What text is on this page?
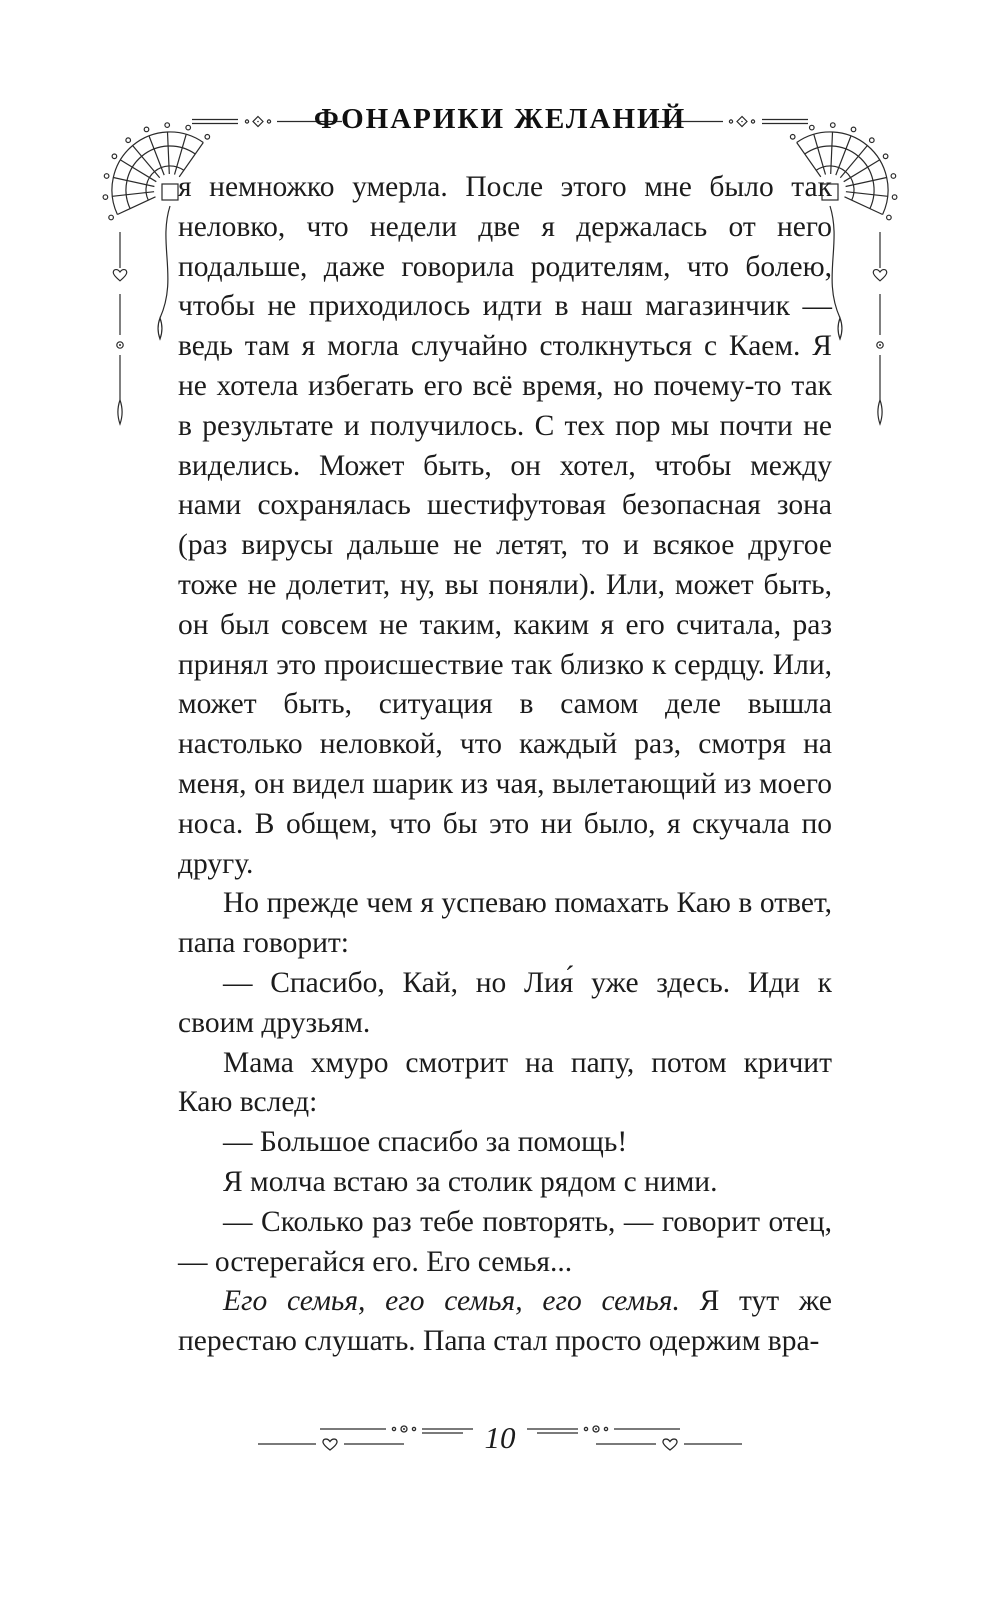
ФОНАРИКИ ЖЕЛАНИЙ

я немножко умерла. После этого мне было так неловко, что недели две я держалась от него подальше, даже говорила родителям, что болею, чтобы не приходилось идти в наш магазинчик — ведь там я могла случайно столкнуться с Каем. Я не хотела избегать его всё время, но почему-то так в результате и получилось. С тех пор мы почти не виделись. Может быть, он хотел, чтобы между нами сохранялась шестифутовая безопасная зона (раз вирусы дальше не летят, то и всякое другое тоже не долетит, ну, вы поняли). Или, может быть, он был совсем не таким, каким я его считала, раз принял это происшествие так близко к сердцу. Или, может быть, ситуация в самом деле вышла настолько неловкой, что каждый раз, смотря на меня, он видел шарик из чая, вылетающий из моего носа. В общем, что бы это ни было, я скучала по другу.

Но прежде чем я успеваю помахать Каю в ответ, папа говорит:

— Спасибо, Кай, но Лия́ уже здесь. Иди к своим друзьям.

Мама хмуро смотрит на папу, потом кричит Каю вслед:

— Большое спасибо за помощь!

Я молча встаю за столик рядом с ними.

— Сколько раз тебе повторять, — говорит отец, — остерегайся его. Его семья...

Его семья, его семья, его семья. Я тут же перестаю слушать. Папа стал просто одержим вра-

10
